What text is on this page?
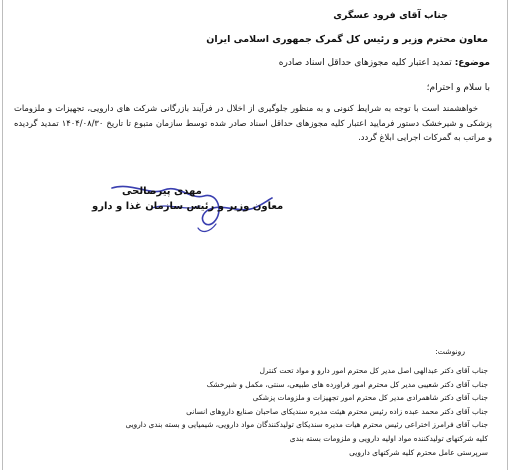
جناب آقای فرود عسگری
معاون محترم وزیر و رئیس کل گمرک جمهوری اسلامی ایران
موضوع: تمدید اعتبار کلیه مجوزهای حداقل اسناد صادره
با سلام و احترام؛
خواهشمند است با توجه به شرایط کنونی و به منظور جلوگیری از اخلال در فرآیند بازرگانی شرکت های دارویی، تجهیزات و ملزومات پزشکی و شیرخشک دستور فرمایید اعتبار کلیه مجوزهای حداقل اسناد صادر شده توسط سازمان متبوع تا تاریخ ۱۴۰۴/۰۸/۳۰ تمدید گردیده و مراتب به گمرکات اجرایی ابلاغ گردد.
مهدی پیرصالحی
معاون وزیر و رئیس سازمان غذا و دارو
رونوشت:
جناب آقای دکتر عبدالهی اصل مدیر کل محترم امور دارو و مواد تحت کنترل
جناب آقای دکتر شعیبی مدیر کل محترم امور فراورده های طبیعی، سنتی، مکمل و شیرخشک
جناب آقای دکتر شاهمرادی مدیر کل محترم امور تجهیزات و ملزومات پزشکی
جناب آقای دکتر محمد عبده زاده رئیس محترم هیئت مدیره سندیکای صاحبان صنایع داروهای انسانی
جناب آقای فرامرز اختراعی رئیس محترم هیات مدیره سندیکای تولیدکنندگان مواد دارویی، شیمیایی و بسته بندی دارویی
کلیه شرکتهای تولیدکننده مواد اولیه دارویی و ملزومات بسته بندی
سرپرستی عامل محترم کلیه شرکتهای دارویی
